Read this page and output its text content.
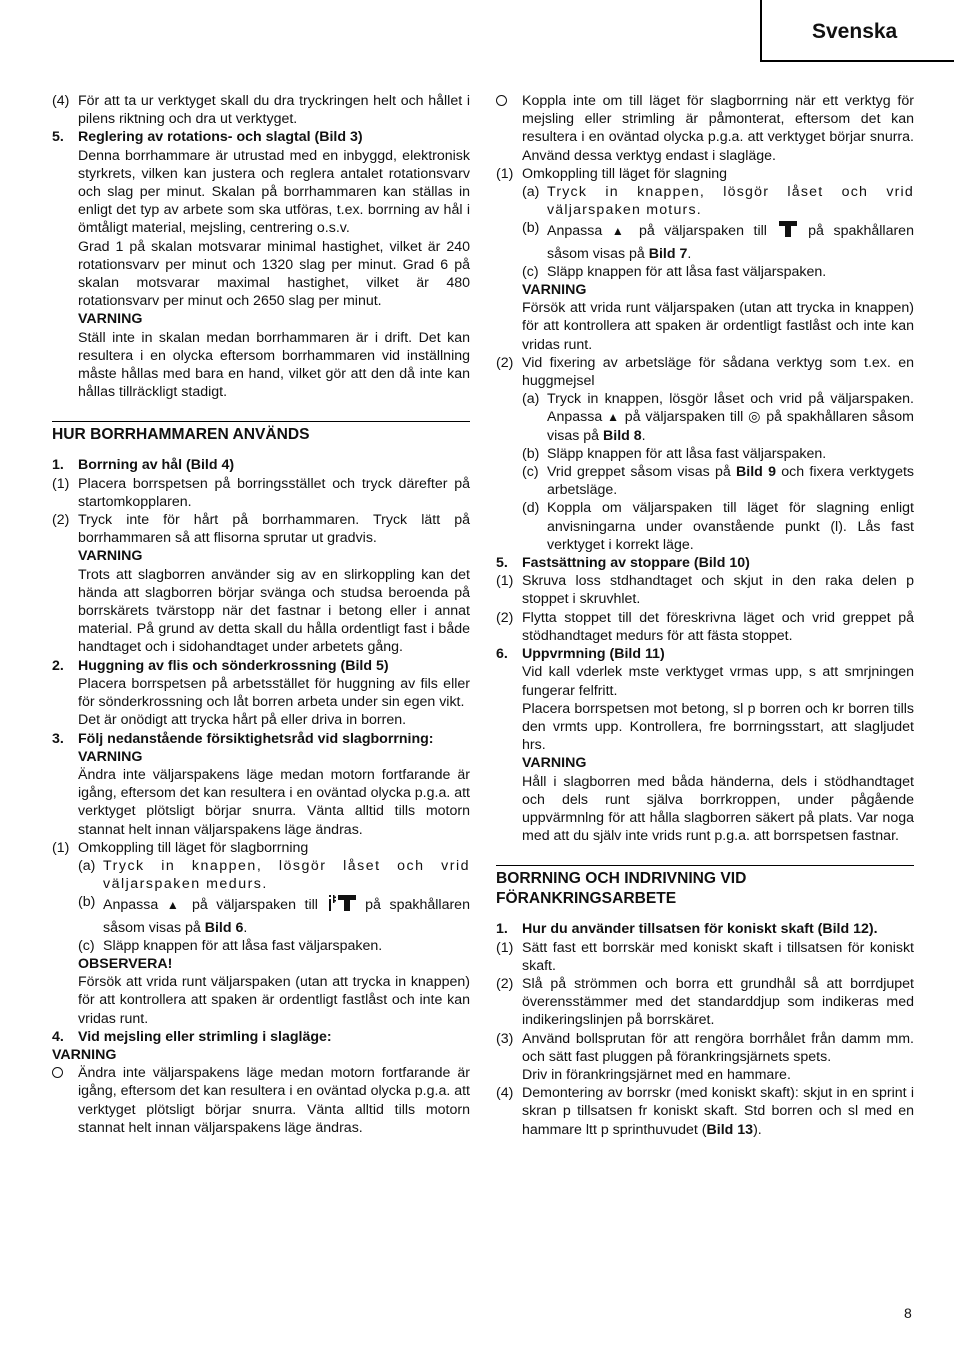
Svenska
(4) För att ta ur verktyget skall du dra tryckringen helt och hållet i pilens riktning och dra ut verktyget.
5. Reglering av rotations- och slagtal (Bild 3)
Denna borrhammare är utrustad med en inbyggd, elektronisk styrkrets, vilken kan justera och reglera antalet rotationsvarv och slag per minut. Skalan på borrhammaren kan ställas in enligt det typ av arbete som ska utföras, t.ex. borrning av hål i ömtåligt material, mejsling, centrering o.s.v.
Grad 1 på skalan motsvarar minimal hastighet, vilket är 240 rotationsvarv per minut och 1320 slag per minut. Grad 6 på skalan motsvarar maximal hastighet, vilket är 480 rotationsvarv per minut och 2650 slag per minut.
VARNING
Ställ inte in skalan medan borrhammaren är i drift. Det kan resultera i en olycka eftersom borrhammaren vid inställning måste hållas med bara en hand, vilket gör att den då inte kan hållas tillräckligt stadigt.
HUR BORRHAMMAREN ANVÄNDS
1. Borrning av hål (Bild 4)
(1) Placera borrspetsen på borringsstället och tryck därefter på startomkopplaren.
(2) Tryck inte för hårt på borrhammaren. Tryck lätt på borrhammaren så att flisorna sprutar ut gradvis.
VARNING
Trots att slagborren använder sig av en slirkoppling kan det hända att slagborren börjar svänga och studsa beroenda på borrskärets tvärstopp när det fastnar i betong eller i annat material. På grund av detta skall du hålla ordentligt fast i både handtaget och i sidohandtaget under arbetets gång.
2. Huggning av flis och sönderkrossning (Bild 5)
Placera borrspetsen på arbetsstället för huggning av fils eller för sönderkrossning och låt borren arbeta under sin egen vikt.
Det är onödigt att trycka hårt på eller driva in borren.
3. Följ nedanstående försiktighetsråd vid slagborrning:
VARNING
Ändra inte väljarspakens läge medan motorn fortfarande är igång, eftersom det kan resultera i en oväntad olycka p.g.a. att verktyget plötsligt börjar snurra. Vänta alltid tills motorn stannat helt innan väljarspakens läge ändras.
(1) Omkoppling till läget för slagborrning
(a) Tryck in knappen, lösgör låset och vrid väljarspaken medurs.
(b) Anpassa ▲ på väljarspaken till	på spakhållaren såsom visas på Bild 6.
(c) Släpp knappen för att låsa fast väljarspaken.
OBSERVERA!
Försök att vrida runt väljarspaken (utan att trycka in knappen) för att kontrollera att spaken är ordentligt fastlåst och inte kan vridas runt.
4. Vid mejsling eller strimling i slagläge:
VARNING
Ändra inte väljarspakens läge medan motorn fortfarande är igång, eftersom det kan resultera i en oväntad olycka p.g.a. att verktyget plötsligt börjar snurra. Vänta alltid tills motorn stannat helt innan väljarspakens läge ändras.
Koppla inte om till läget för slagborrning när ett verktyg för mejsling eller strimling är påmonterat, eftersom det kan resultera i en oväntad olycka p.g.a. att verktyget börjar snurra. Använd dessa verktyg endast i slagläge.
(1) Omkoppling till läget för slagning
(a) Tryck in knappen, lösgör låset och vrid väljarspaken moturs.
(b) Anpassa ▲ på väljarspaken till	på spakhållaren såsom visas på Bild 7.
(c) Släpp knappen för att låsa fast väljarspaken.
VARNING
Försök att vrida runt väljarspaken (utan att trycka in knappen) för att kontrollera att spaken är ordentligt fastlåst och inte kan vridas runt.
(2) Vid fixering av arbetsläge för sådana verktyg som t.ex. en huggmejsel
(a) Tryck in knappen, lösgör låset och vrid på väljarspaken. Anpassa ▲ på väljarspaken till ◎ på spakhållaren såsom visas på Bild 8.
(b) Släpp knappen för att låsa fast väljarspaken.
(c) Vrid greppet såsom visas på Bild 9 och fixera verktygets arbetsläge.
(d) Koppla om väljarspaken till läget för slagning enligt anvisningarna under ovanstående punkt (l). Lås fast verktyget i korrekt läge.
5. Fastsättning av stoppare (Bild 10)
(1) Skruva loss stdhandtaget och skjut in den raka delen p stoppet i skruvhlet.
(2) Flytta stoppet till det föreskrivna läget och vrid greppet på stödhandtaget medurs för att fästa stoppet.
6. Uppvrmning (Bild 11)
Vid kall vderlek mste verktyget vrmas upp, s att smrjningen fungerar felfritt.
Placera borrspetsen mot betong, sl p borren och kr borren tills den vrmts upp. Kontrollera, fre borrningsstart, att slagljudet hrs.
VARNING
Håll i slagborren med båda händerna, dels i stödhandtaget och dels runt själva borrkroppen, under pågående uppvärmnlng för att hålla slagborren säkert på plats. Var noga med att du själv inte vrids runt p.g.a. att borrspetsen fastnar.
BORRNING OCH INDRIVNING VID FÖRANKRINGSARBETE
1. Hur du använder tillsatsen för koniskt skaft (Bild 12).
(1) Sätt fast ett borrskär med koniskt skaft i tillsatsen för koniskt skaft.
(2) Slå på strömmen och borra ett grundhål så att borrdjupet överensstämmer med det standarddjup som indikeras med indikeringslinjen på borrskäret.
(3) Använd bollsprutan för att rengöra borrhålet från damm mm. och sätt fast pluggen på förankringsjärnets spets.
Driv in förankringsjärnet med en hammare.
(4) Demontering av borrskr (med koniskt skaft): skjut in en sprint i skran p tillsatsen fr koniskt skaft. Std borren och sl med en hammare ltt p sprinthuvudet (Bild 13).
8
